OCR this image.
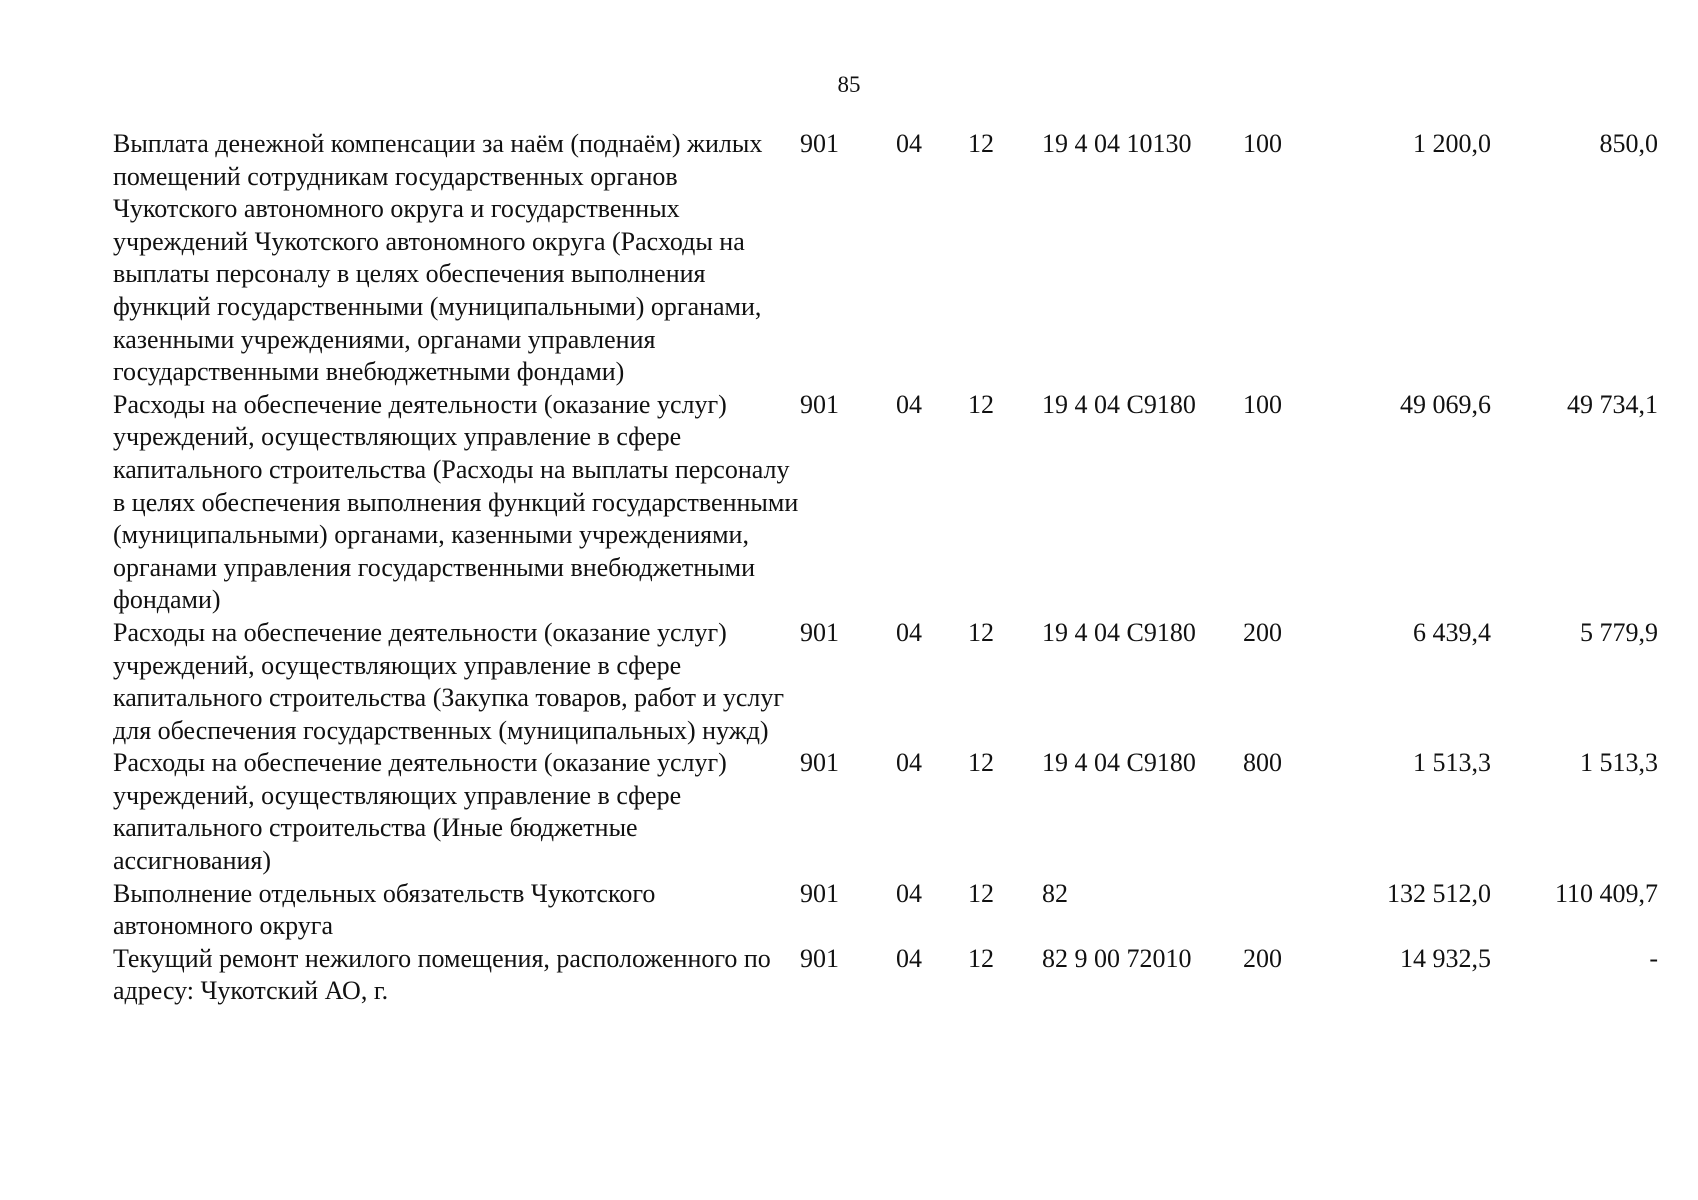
85
Выплата денежной компенсации за наём (поднаём) жилых помещений сотрудникам государственных органов Чукотского автономного округа и государственных учреждений Чукотского автономного округа (Расходы на выплаты персоналу в целях обеспечения выполнения функций государственными (муниципальными) органами, казенными учреждениями, органами управления государственными внебюджетными фондами)	901	04	12	19 4 04 10130	100	1 200,0	850,0
Расходы на обеспечение деятельности (оказание услуг) учреждений, осуществляющих управление в сфере капитального строительства (Расходы на выплаты персоналу в целях обеспечения выполнения функций государственными (муниципальными) органами, казенными учреждениями, органами управления государственными внебюджетными фондами)	901	04	12	19 4 04 С9180	100	49 069,6	49 734,1
Расходы на обеспечение деятельности (оказание услуг) учреждений, осуществляющих управление в сфере капитального строительства (Закупка товаров, работ и услуг для обеспечения государственных (муниципальных) нужд)	901	04	12	19 4 04 С9180	200	6 439,4	5 779,9
Расходы на обеспечение деятельности (оказание услуг) учреждений, осуществляющих управление в сфере капитального строительства (Иные бюджетные ассигнования)	901	04	12	19 4 04 С9180	800	1 513,3	1 513,3
Выполнение отдельных обязательств Чукотского автономного округа	901	04	12	82		132 512,0	110 409,7
Текущий ремонт нежилого помещения, расположенного по адресу: Чукотский АО, г.	901	04	12	82 9 00 72010	200	14 932,5	-
